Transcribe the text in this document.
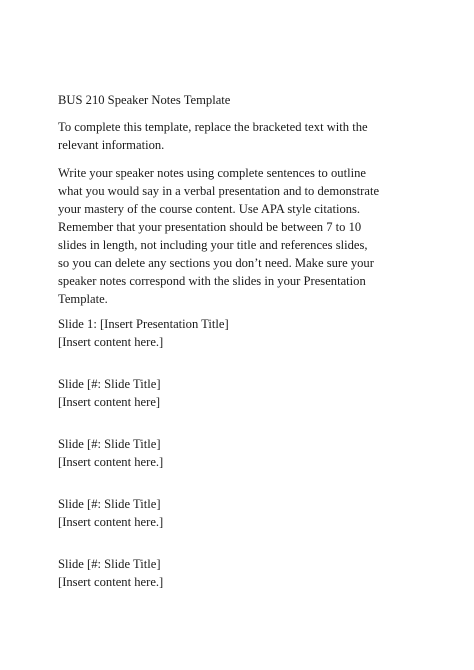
BUS 210 Speaker Notes Template

To complete this template, replace the bracketed text with the
relevant information.
Write your speaker notes using complete sentences to outline
what you would say in a verbal presentation and to demonstrate
your mastery of the course content. Use APA style citations.
Remember that your presentation should be between 7 to 10
slides in length, not including your title and references slides,
so you can delete any sections you don’t need. Make sure your
speaker notes correspond with the slides in your Presentation
Template.
Slide 1: [Insert Presentation Title]
[Insert content here.]
Slide [#: Slide Title]
[Insert content here]
Slide [#: Slide Title]
[Insert content here.]
Slide [#: Slide Title]
[Insert content here.]
Slide [#: Slide Title]
[Insert content here.]
